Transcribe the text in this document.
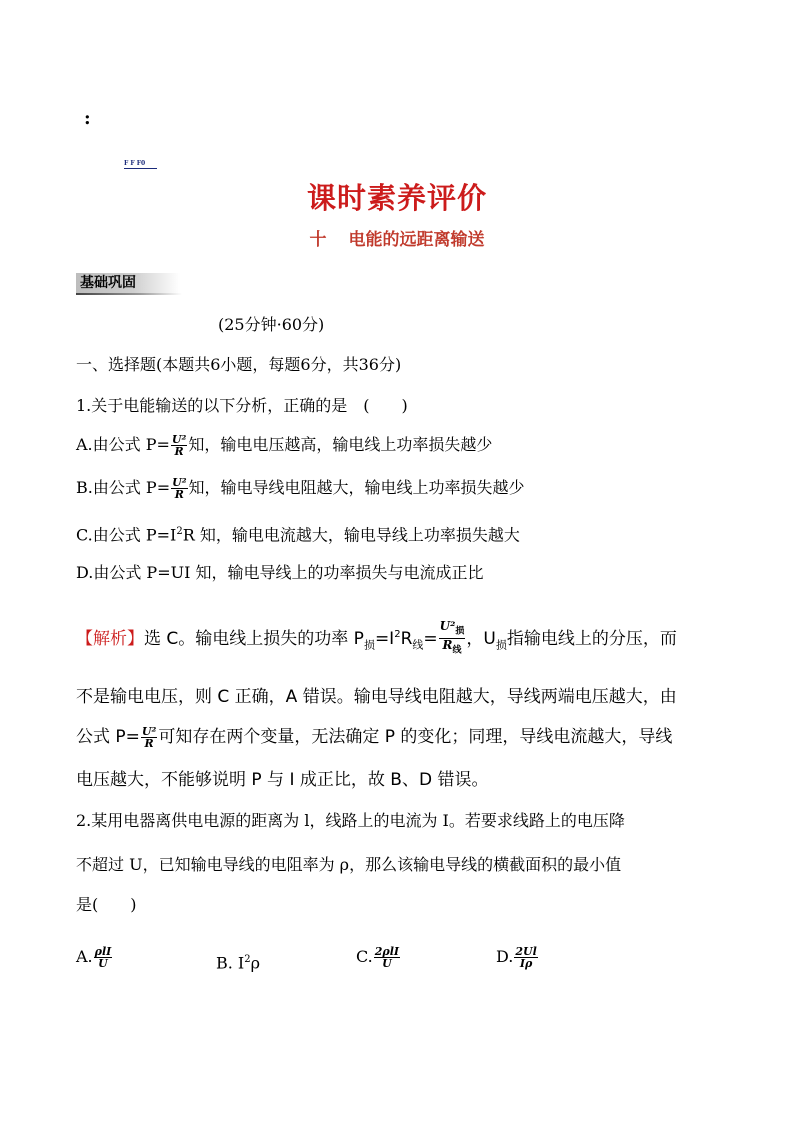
:
F F F0
课时素养评价
十 电能的远距离输送
基础巩固
(25分钟·60分)
一、选择题(本题共6小题，每题6分，共36分)
1.关于电能输送的以下分析，正确的是　(　　)
A.由公式 $P= \frac{\text{U²}}{R}$ 知，输电电压越高，输电线上功率损失越少
B.由公式 $P= \frac{\text{U²}}{R}$ 知，输电导线电阻越大，输电线上功率损失越少
C.由公式 $P=I^2R$ 知，输电电流越大，输电导线上功率损失越大
D.由公式 P=UI 知，输电导线上的功率损失与电流成正比
【解析】选 C。输电线上损失的功率 $P_损=I^2R_线= \frac{U^2_损}{R_线}$ ，$U_损$指输电线上的分压，而
不是输电电压，则 C 正确，A 错误。输电导线电阻越大，导线两端电压越大，由
公式 $P= \frac{\text{U²}}{R}$ 可知存在两个变量，无法确定 P 的变化；同理，导线电流越大，导线
电压越大，不能够说明 P 与 I 成正比，故 B、D 错误。
2.某用电器离供电电源的距离为 l，线路上的电流为 I。若要求线路上的电压降
不超过 U，已知输电导线的电阻率为 ρ，那么该输电导线的横截面积的最小值
是(　　)
A. $\frac{\text{ρlI}}{U}$	B. $I^2\rho$	C. $\frac{\text{2ρlI}}{U}$	D. $\frac{2Ul}{I\rho}$
